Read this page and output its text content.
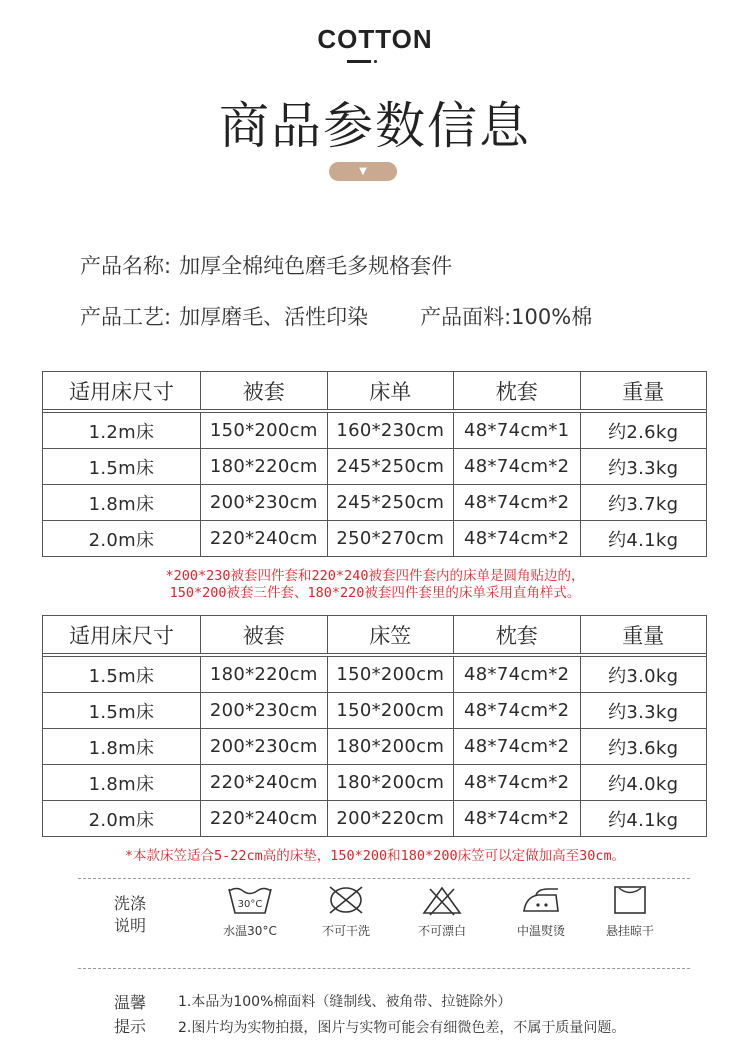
COTTON
商品参数信息
▼
产品名称: 加厚全棉纯色磨毛多规格套件
产品工艺: 加厚磨毛、活性印染 产品面料:100%棉
适用床尺寸	被套	床单	枕套	重量

1.2m床	150*200cm	160*230cm	48*74cm*1	约2.6kg
1.5m床	180*220cm	245*250cm	48*74cm*2	约3.3kg
1.8m床	200*230cm	245*250cm	48*74cm*2	约3.7kg
2.0m床	220*240cm	250*270cm	48*74cm*2	约4.1kg
*200*230被套四件套和220*240被套四件套内的床单是圆角贴边的，
150*200被套三件套、180*220被套四件套里的床单采用直角样式。
适用床尺寸	被套	床笠	枕套	重量

1.5m床	180*220cm	150*200cm	48*74cm*2	约3.0kg
1.5m床	200*230cm	150*200cm	48*74cm*2	约3.3kg
1.8m床	200*230cm	180*200cm	48*74cm*2	约3.6kg
1.8m床	220*240cm	180*200cm	48*74cm*2	约4.0kg
2.0m床	220*240cm	200*220cm	48*74cm*2	约4.1kg
*本款床笠适合5-22cm高的床垫，150*200和180*200床笠可以定做加高至30cm。
洗涤
说明
30°C
水温30°C	不可干洗	不可漂白	中温熨烫	悬挂晾干
温馨
提示
1.本品为100%棉面料（缝制线、被角带、拉链除外）
2.图片均为实物拍摄，图片与实物可能会有细微色差，不属于质量问题。
